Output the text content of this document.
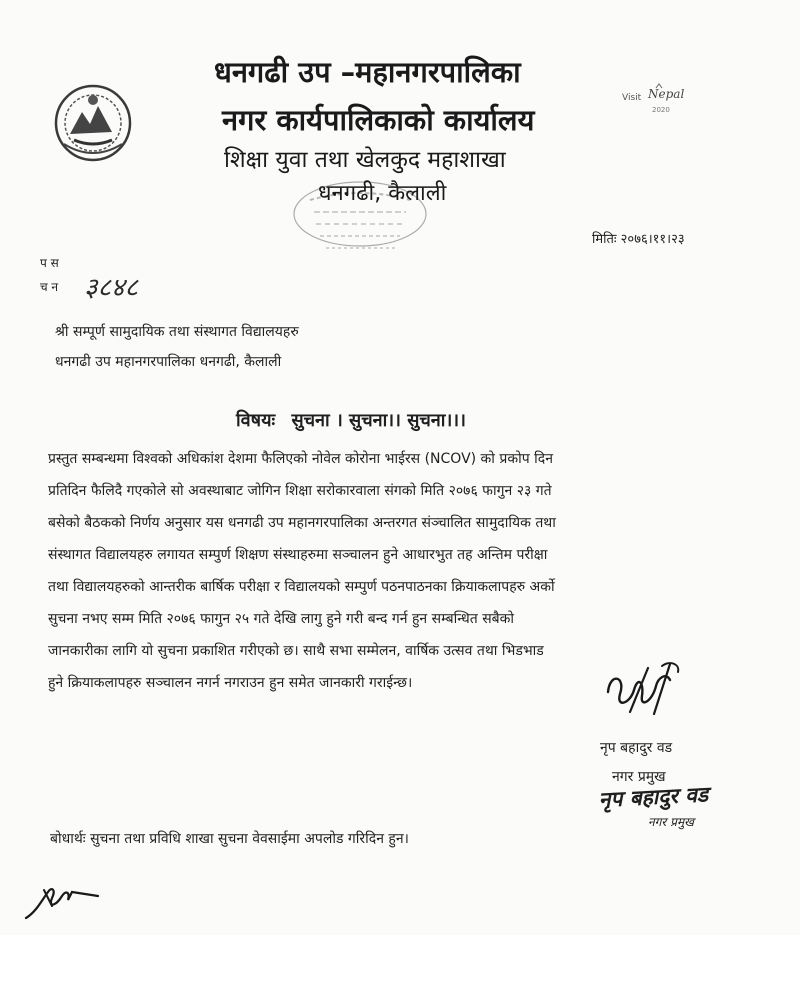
Visit Nepal
2020
धनगढी उप –महानगरपालिका
नगर कार्यपालिकाको कार्यालय
शिक्षा युवा तथा खेलकुद महाशाखा
धनगढी, कैलाली
मितिः २०७६।११।२३
प स
च न ३८४८
श्री सम्पूर्ण सामुदायिक तथा संस्थागत विद्यालयहरु
धनगढी उप महानगरपालिका धनगढी, कैलाली
विषयः सुचना । सुचना।। सुचना।।।
प्रस्तुत सम्बन्धमा विश्वको अधिकांश देशमा फैलिएको नोवेल कोरोना भाईरस (NCOV) को प्रकोप दिन
प्रतिदिन फैलिदै गएकोले सो अवस्थाबाट जोगिन शिक्षा सरोकारवाला संगको मिति २०७६ फागुन २३ गते
बसेको बैठकको निर्णय अनुसार यस धनगढी उप महानगरपालिका अन्तरगत संञ्चालित सामुदायिक तथा
संस्थागत विद्यालयहरु लगायत सम्पुर्ण शिक्षण संस्थाहरुमा सञ्चालन हुने आधारभुत तह अन्तिम परीक्षा
तथा विद्यालयहरुको आन्तरीक बार्षिक परीक्षा र विद्यालयको सम्पुर्ण पठनपाठनका क्रियाकलापहरु अर्को
सुचना नभए सम्म मिति २०७६ फागुन २५ गते देखि लागु हुने गरी बन्द गर्न हुन सम्बन्धित सबैको
जानकारीका लागि यो सुचना प्रकाशित गरीएको छ। साथै सभा सम्मेलन, वार्षिक उत्सव तथा भिडभाड
हुने क्रियाकलापहरु सञ्चालन नगर्न नगराउन हुन समेत जानकारी गराईन्छ।
नृप बहादुर वड
नगर प्रमुख
नृप बहादुर वड
नगर प्रमुख
बोधार्थः सुचना तथा प्रविधि शाखा सुचना वेवसाईमा अपलोड गरिदिन हुन।
